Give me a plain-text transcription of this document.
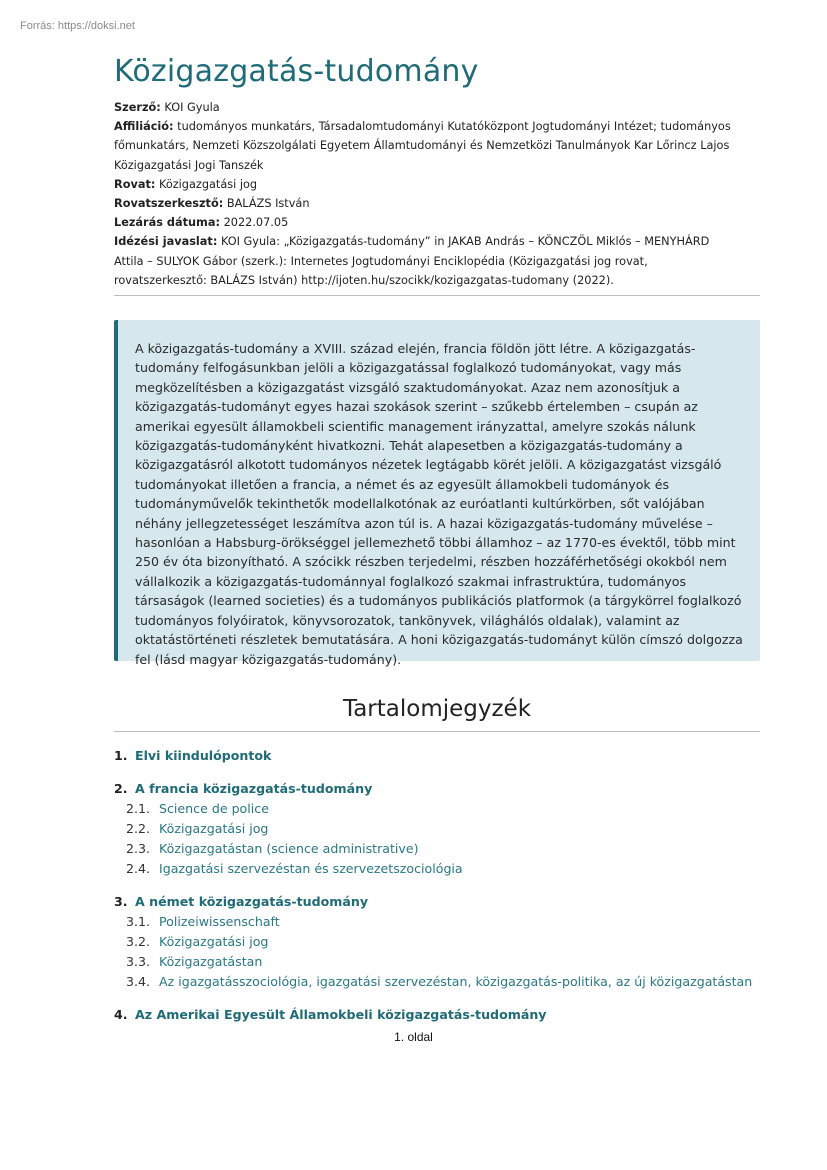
Forrás: https://doksi.net
Közigazgatás-tudomány
Szerző: KOI Gyula
Affiliáció: tudományos munkatárs, Társadalomtudományi Kutatóközpont Jogtudományi Intézet; tudományos főmunkatárs, Nemzeti Közszolgálati Egyetem Államtudományi és Nemzetközi Tanulmányok Kar Lőrincz Lajos Közigazgatási Jogi Tanszék
Rovat: Közigazgatási jog
Rovatszerkesztő: BALÁZS István
Lezárás dátuma: 2022.07.05
Idézési javaslat: KOI Gyula: „Közigazgatás-tudomány” in JAKAB András – KÖNCZÖL Miklós – MENYHÁRD Attila – SULYOK Gábor (szerk.): Internetes Jogtudományi Enciklopédia (Közigazgatási jog rovat, rovatszerkesztő: BALÁZS István) http://ijoten.hu/szocikk/kozigazgatas-tudomany (2022).
A közigazgatás-tudomány a XVIII. század elején, francia földön jött létre. A közigazgatás-tudomány felfogásunkban jelöli a közigazgatással foglalkozó tudományokat, vagy más megközelítésben a közigazgatást vizsgáló szaktudományokat. Azaz nem azonosítjuk a közigazgatás-tudományt egyes hazai szokások szerint – szűkebb értelemben – csupán az amerikai egyesült államokbeli scientific management irányzattal, amelyre szokás nálunk közigazgatás-tudományként hivatkozni. Tehát alapesetben a közigazgatás-tudomány a közigazgatásról alkotott tudományos nézetek legtágabb körét jelöli. A közigazgatást vizsgáló tudományokat illetően a francia, a német és az egyesült államokbeli tudományok és tudományművelők tekinthetők modellalkotónak az euróatlanti kultúrkörben, sőt valójában néhány jellegzetességet leszámítva azon túl is. A hazai közigazgatás-tudomány művelése – hasonlóan a Habsburg-örökséggel jellemezhető többi államhoz – az 1770-es évektől, több mint 250 év óta bizonyítható. A szócikk részben terjedelmi, részben hozzáférhetőségi okokból nem vállalkozik a közigazgatás-tudománnyal foglalkozó szakmai infrastruktúra, tudományos társaságok (learned societies) és a tudományos publikációs platformok (a tárgykörrel foglalkozó tudományos folyóiratok, könyvsorozatok, tankönyvek, világhálós oldalak), valamint az oktatástörténeti részletek bemutatására. A honi közigazgatás-tudományt külön címszó dolgozza fel (lásd magyar közigazgatás-tudomány).
Tartalomjegyzék
1. Elvi kiindulópontok
2. A francia közigazgatás-tudomány
2.1. Science de police
2.2. Közigazgatási jog
2.3. Közigazgatástan (science administrative)
2.4. Igazgatási szervezéstan és szervezetszociológia
3. A német közigazgatás-tudomány
3.1. Polizeiwissenschaft
3.2. Közigazgatási jog
3.3. Közigazgatástan
3.4. Az igazgatásszociológia, igazgatási szervezéstan, közigazgatás-politika, az új közigazgatástan
4. Az Amerikai Egyesült Államokbeli közigazgatás-tudomány
1. oldal
